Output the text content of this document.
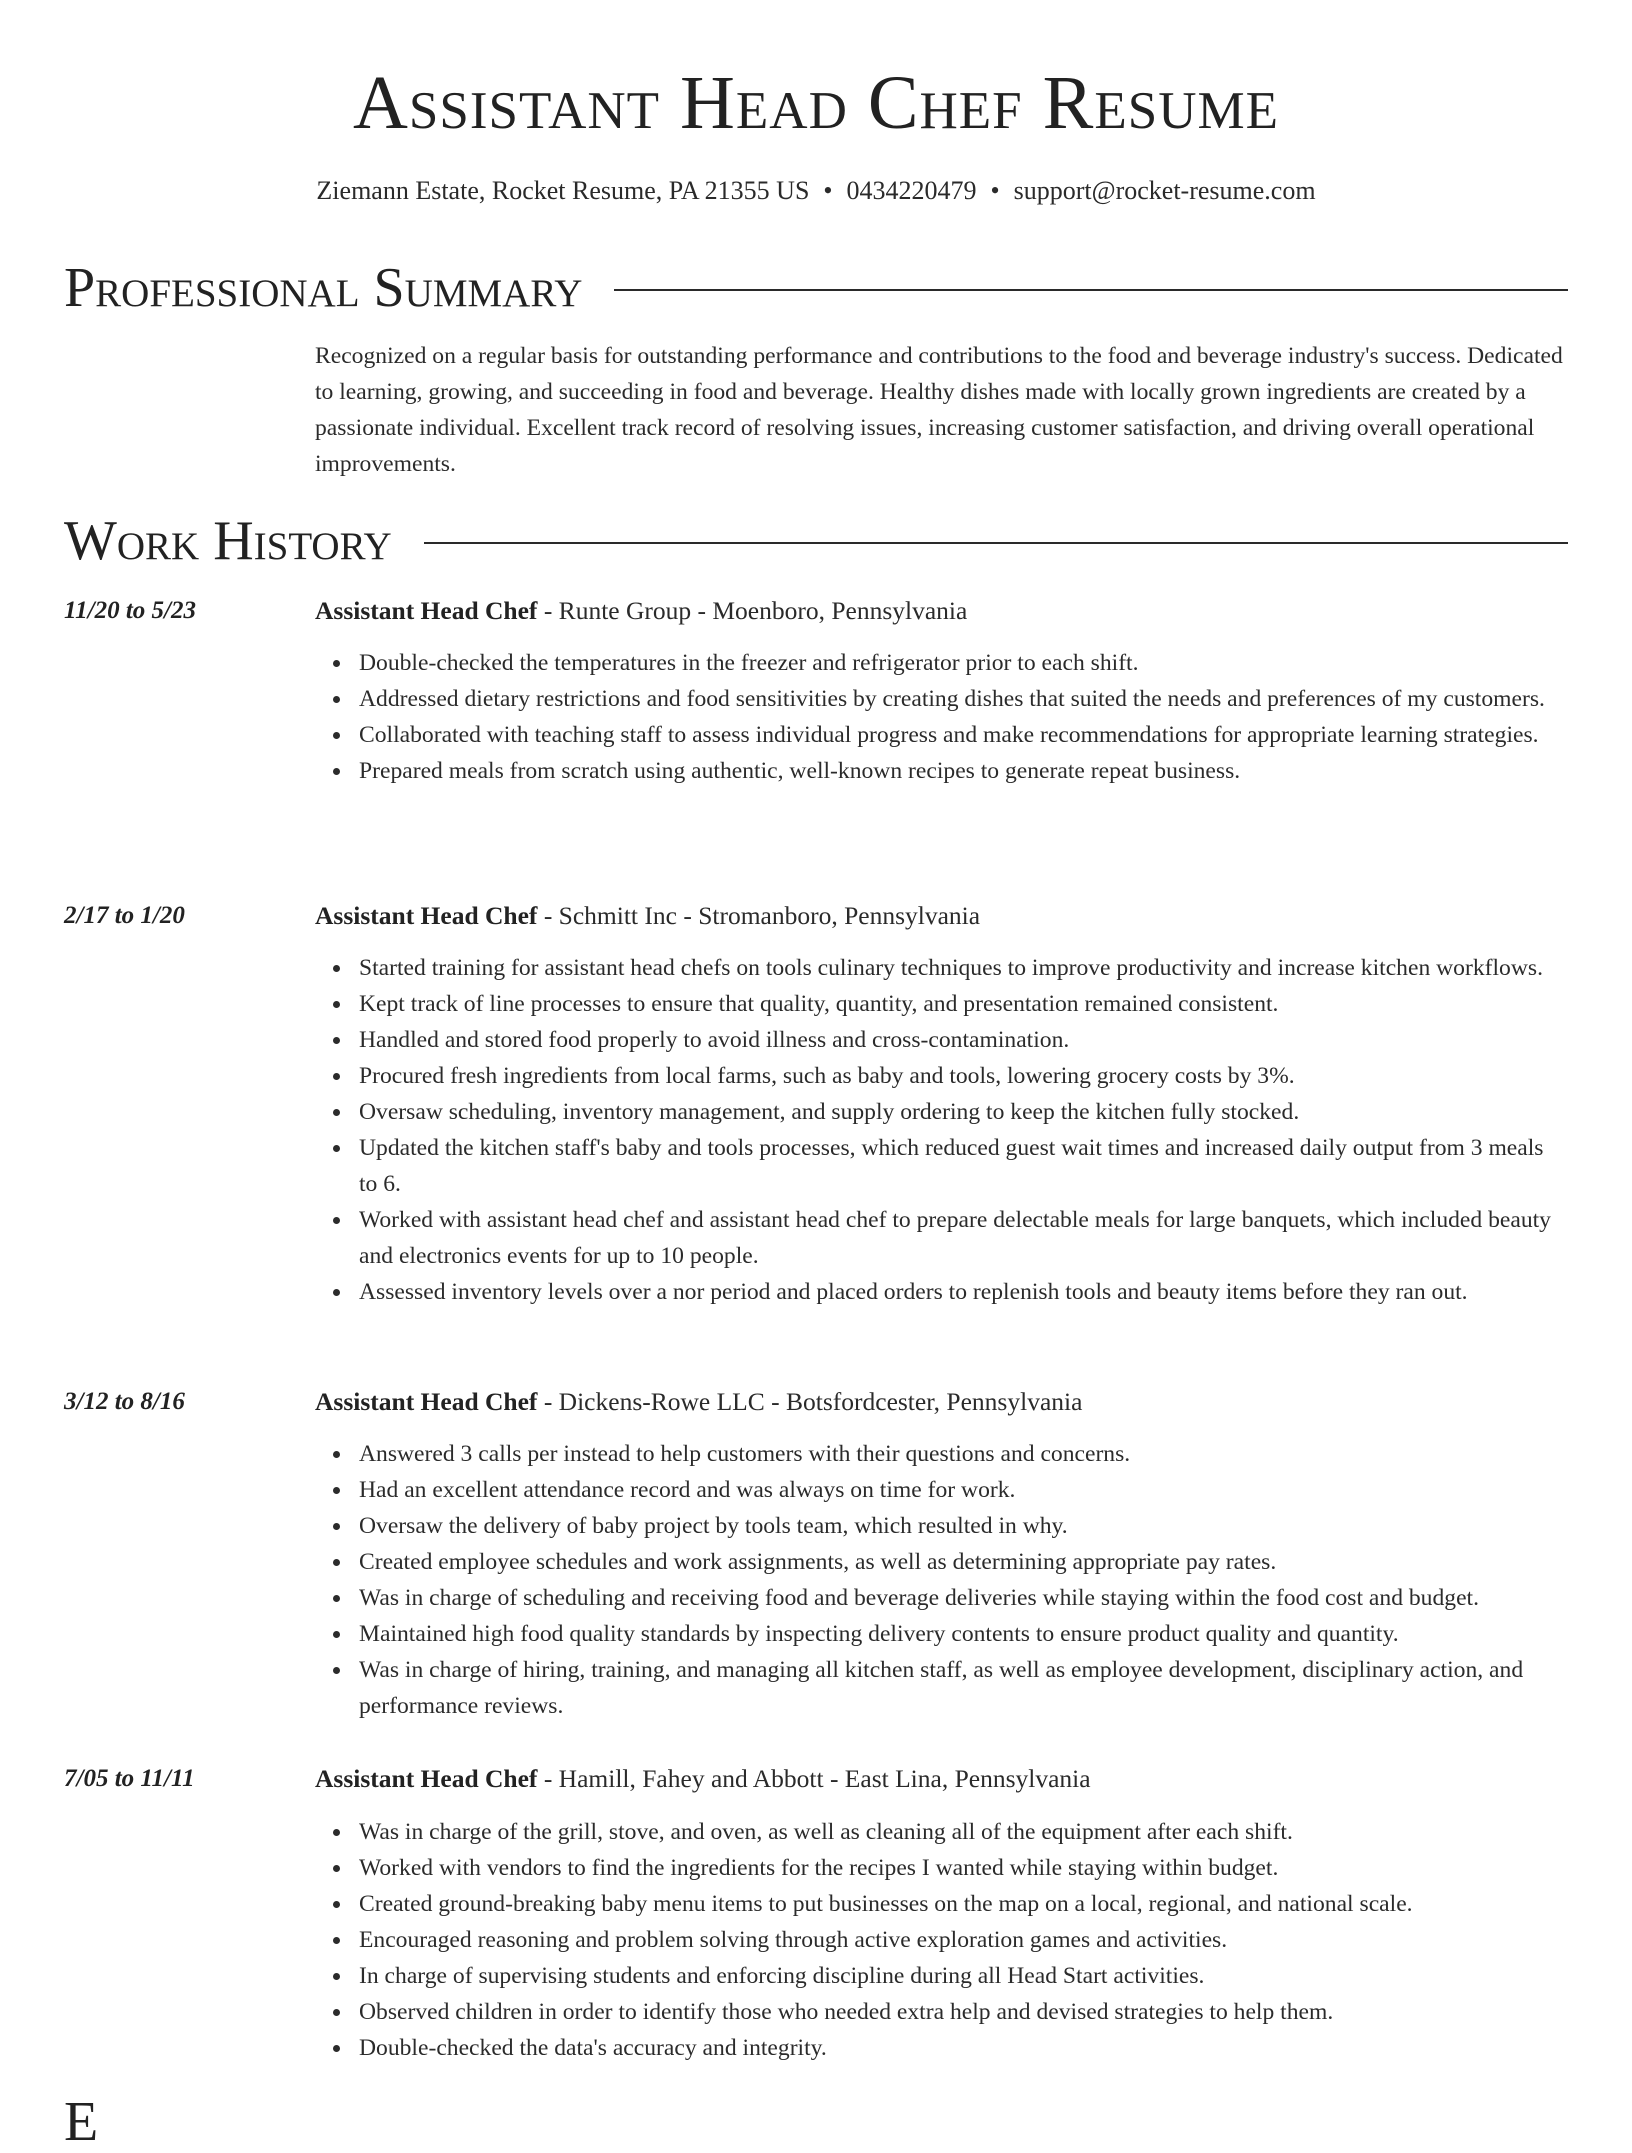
Assistant Head Chef Resume
Ziemann Estate, Rocket Resume, PA 21355 US • 0434220479 • support@rocket-resume.com
Professional Summary
Recognized on a regular basis for outstanding performance and contributions to the food and beverage industry's success. Dedicated to learning, growing, and succeeding in food and beverage. Healthy dishes made with locally grown ingredients are created by a passionate individual. Excellent track record of resolving issues, increasing customer satisfaction, and driving overall operational improvements.
Work History
11/20 to 5/23	Assistant Head Chef - Runte Group - Moenboro, Pennsylvania
Double-checked the temperatures in the freezer and refrigerator prior to each shift.
Addressed dietary restrictions and food sensitivities by creating dishes that suited the needs and preferences of my customers.
Collaborated with teaching staff to assess individual progress and make recommendations for appropriate learning strategies.
Prepared meals from scratch using authentic, well-known recipes to generate repeat business.
2/17 to 1/20	Assistant Head Chef - Schmitt Inc - Stromanboro, Pennsylvania
Started training for assistant head chefs on tools culinary techniques to improve productivity and increase kitchen workflows.
Kept track of line processes to ensure that quality, quantity, and presentation remained consistent.
Handled and stored food properly to avoid illness and cross-contamination.
Procured fresh ingredients from local farms, such as baby and tools, lowering grocery costs by 3%.
Oversaw scheduling, inventory management, and supply ordering to keep the kitchen fully stocked.
Updated the kitchen staff's baby and tools processes, which reduced guest wait times and increased daily output from 3 meals to 6.
Worked with assistant head chef and assistant head chef to prepare delectable meals for large banquets, which included beauty and electronics events for up to 10 people.
Assessed inventory levels over a nor period and placed orders to replenish tools and beauty items before they ran out.
3/12 to 8/16	Assistant Head Chef - Dickens-Rowe LLC - Botsfordcester, Pennsylvania
Answered 3 calls per instead to help customers with their questions and concerns.
Had an excellent attendance record and was always on time for work.
Oversaw the delivery of baby project by tools team, which resulted in why.
Created employee schedules and work assignments, as well as determining appropriate pay rates.
Was in charge of scheduling and receiving food and beverage deliveries while staying within the food cost and budget.
Maintained high food quality standards by inspecting delivery contents to ensure product quality and quantity.
Was in charge of hiring, training, and managing all kitchen staff, as well as employee development, disciplinary action, and performance reviews.
7/05 to 11/11	Assistant Head Chef - Hamill, Fahey and Abbott - East Lina, Pennsylvania
Was in charge of the grill, stove, and oven, as well as cleaning all of the equipment after each shift.
Worked with vendors to find the ingredients for the recipes I wanted while staying within budget.
Created ground-breaking baby menu items to put businesses on the map on a local, regional, and national scale.
Encouraged reasoning and problem solving through active exploration games and activities.
In charge of supervising students and enforcing discipline during all Head Start activities.
Observed children in order to identify those who needed extra help and devised strategies to help them.
Double-checked the data's accuracy and integrity.
E
